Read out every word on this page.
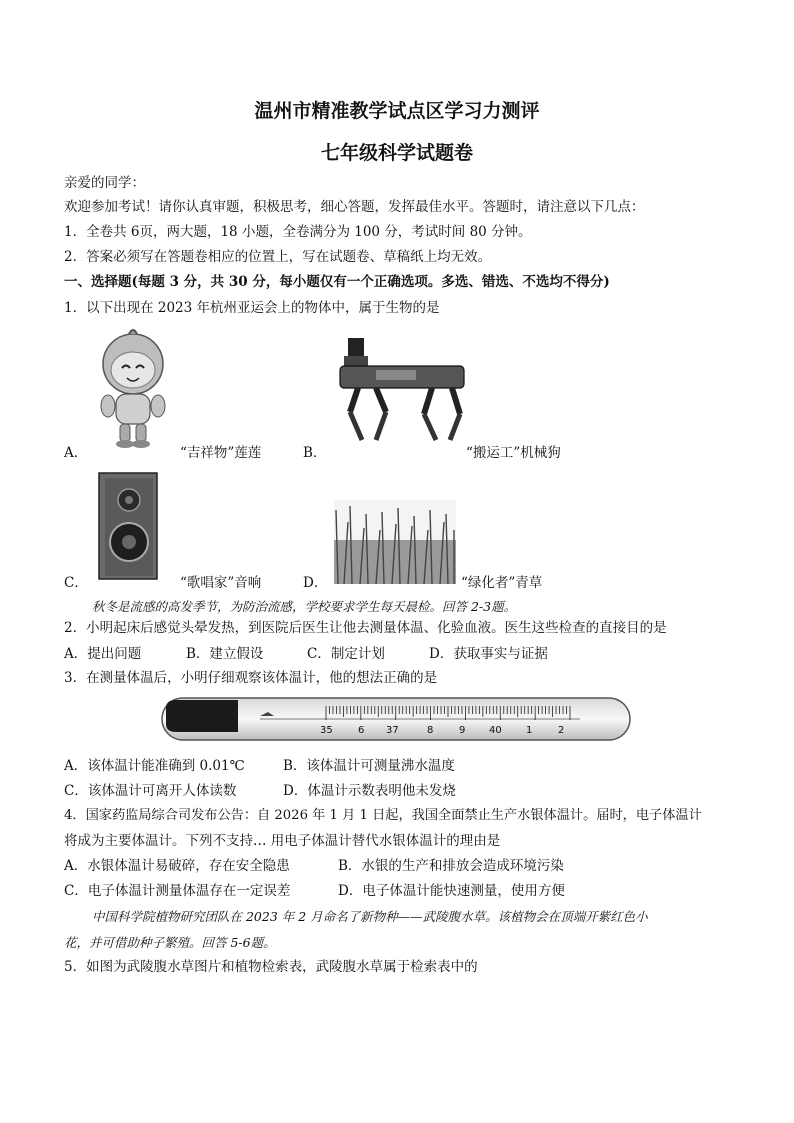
温州市精准教学试点区学习力测评
七年级科学试题卷
亲爱的同学：
欢迎参加考试！请你认真审题，积极思考，细心答题，发挥最佳水平。答题时，请注意以下几点：
1．全卷共 6页，两大题，18 小题，全卷满分为 100 分，考试时间 80 分钟。
2．答案必须写在答题卷相应的位置上，写在试题卷、草稿纸上均无效。
一、选择题(每题 3 分，共 30 分，每小题仅有一个正确选项。多选、错选、不选均不得分)
1．以下出现在 2023 年杭州亚运会上的物体中，属于生物的是
A．	“吉祥物”莲莲	B．	“搬运工”机械狗
C．	“歌唱家”音响	D．	“绿化者”青草
秋冬是流感的高发季节，为防治流感，学校要求学生每天晨检。回答 2-3题。
2．小明起床后感觉头晕发热，到医院后医生让他去测量体温、化验血液。医生这些检查的直接目的是
A．提出问题	B．建立假设	C．制定计划	D．获取事实与证据
3．在测量体温后，小明仔细观察该体温计，他的想法正确的是
35	6 37	8	9 40 1	2
A．该体温计能准确到 0.01℃	B．该体温计可测量沸水温度
C．该体温计可离开人体读数	D．体温计示数表明他未发烧
4．国家药监局综合司发布公告：自 2026 年 1 月 1 日起，我国全面禁止生产水银体温计。届时，电子体温计
将成为主要体温计。下列不支持… 用电子体温计替代水银体温计的理由是
A．水银体温计易破碎，存在安全隐患	B．水银的生产和排放会造成环境污染
C．电子体温计测量体温存在一定误差	D．电子体温计能快速测量，使用方便
中国科学院植物研究团队在 2023 年 2 月命名了新物种——武陵腹水草。该植物会在顶端开紫红色小
花，并可借助种子繁殖。回答 5-6题。
5．如图为武陵腹水草图片和植物检索表，武陵腹水草属于检索表中的
